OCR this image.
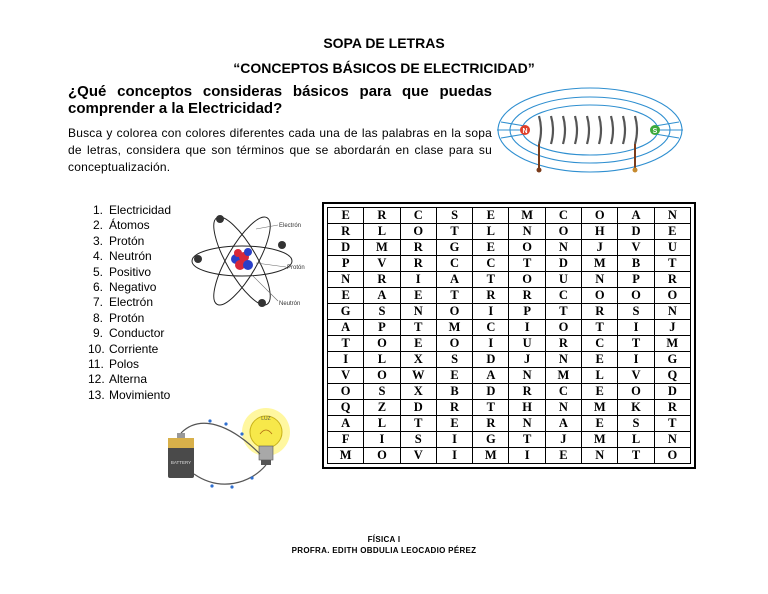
SOPA DE LETRAS
“CONCEPTOS BÁSICOS DE ELECTRICIDAD”
¿Qué conceptos consideras básicos para que puedas comprender a la Electricidad?
Busca y colorea con colores diferentes cada una de las palabras en la sopa de letras, considera que son términos que se abordarán en clase para su conceptualización.
N	S
1. Electricidad
2. Átomos
3. Protón
4. Neutrón
5. Positivo
6. Negativo
7. Electrón
8. Protón
9. Conductor
10. Corriente
11. Polos
12. Alterna
13. Movimiento
Electrón
Protón
Neutrón
LUZ
BATTERY
E	R	C	S	E	M	C	O	A	N
R	L	O	T	L	N	O	H	D	E
D	M	R	G	E	O	N	J	V	U
P	V	R	C	C	T	D	M	B	T
N	R	I	A	T	O	U	N	P	R
E	A	E	T	R	R	C	O	O	O
G	S	N	O	I	P	T	R	S	N
A	P	T	M	C	I	O	T	I	J
T	O	E	O	I	U	R	C	T	M
I	L	X	S	D	J	N	E	I	G
V	O	W	E	A	N	M	L	V	Q
O	S	X	B	D	R	C	E	O	D
Q	Z	D	R	T	H	N	M	K	R
A	L	T	E	R	N	A	E	S	T
F	I	S	I	G	T	J	M	L	N
M	O	V	I	M	I	E	N	T	O
FÍSICA I
PROFRA. EDITH OBDULIA LEOCADIO PÉREZ
